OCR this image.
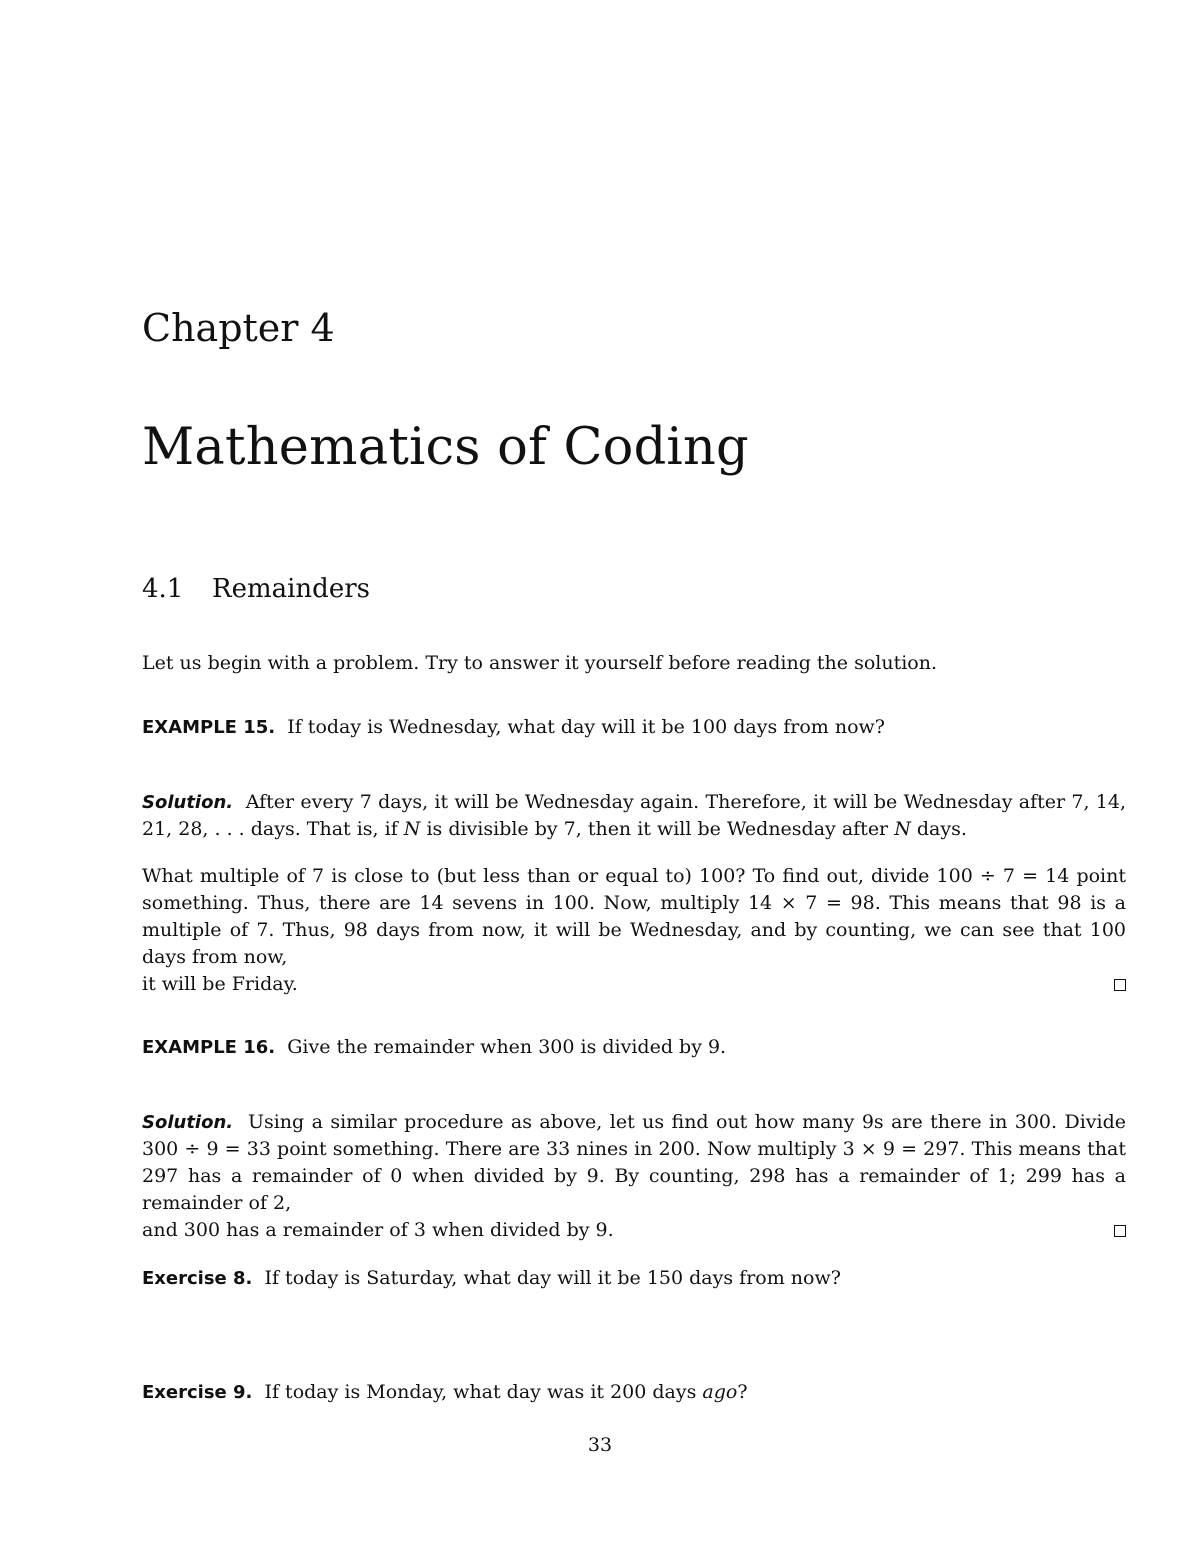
Chapter 4
Mathematics of Coding
4.1 Remainders

Let us begin with a problem. Try to answer it yourself before reading the solution.

EXAMPLE 15. If today is Wednesday, what day will it be 100 days from now?

Solution. After every 7 days, it will be Wednesday again. Therefore, it will be Wednesday after 7, 14, 21, 28, . . . days. That is, if N is divisible by 7, then it will be Wednesday after N days.

What multiple of 7 is close to (but less than or equal to) 100? To find out, divide 100 ÷ 7 = 14 point something. Thus, there are 14 sevens in 100. Now, multiply 14 × 7 = 98. This means that 98 is a multiple of 7. Thus, 98 days from now, it will be Wednesday, and by counting, we can see that 100 days from now,
it will be Friday.

EXAMPLE 16. Give the remainder when 300 is divided by 9.

Solution. Using a similar procedure as above, let us find out how many 9s are there in 300. Divide 300 ÷ 9 = 33 point something. There are 33 nines in 200. Now multiply 3 × 9 = 297. This means that 297 has a remainder of 0 when divided by 9. By counting, 298 has a remainder of 1; 299 has a remainder of 2,
and 300 has a remainder of 3 when divided by 9.

Exercise 8. If today is Saturday, what day will it be 150 days from now?

Exercise 9. If today is Monday, what day was it 200 days ago?

33
